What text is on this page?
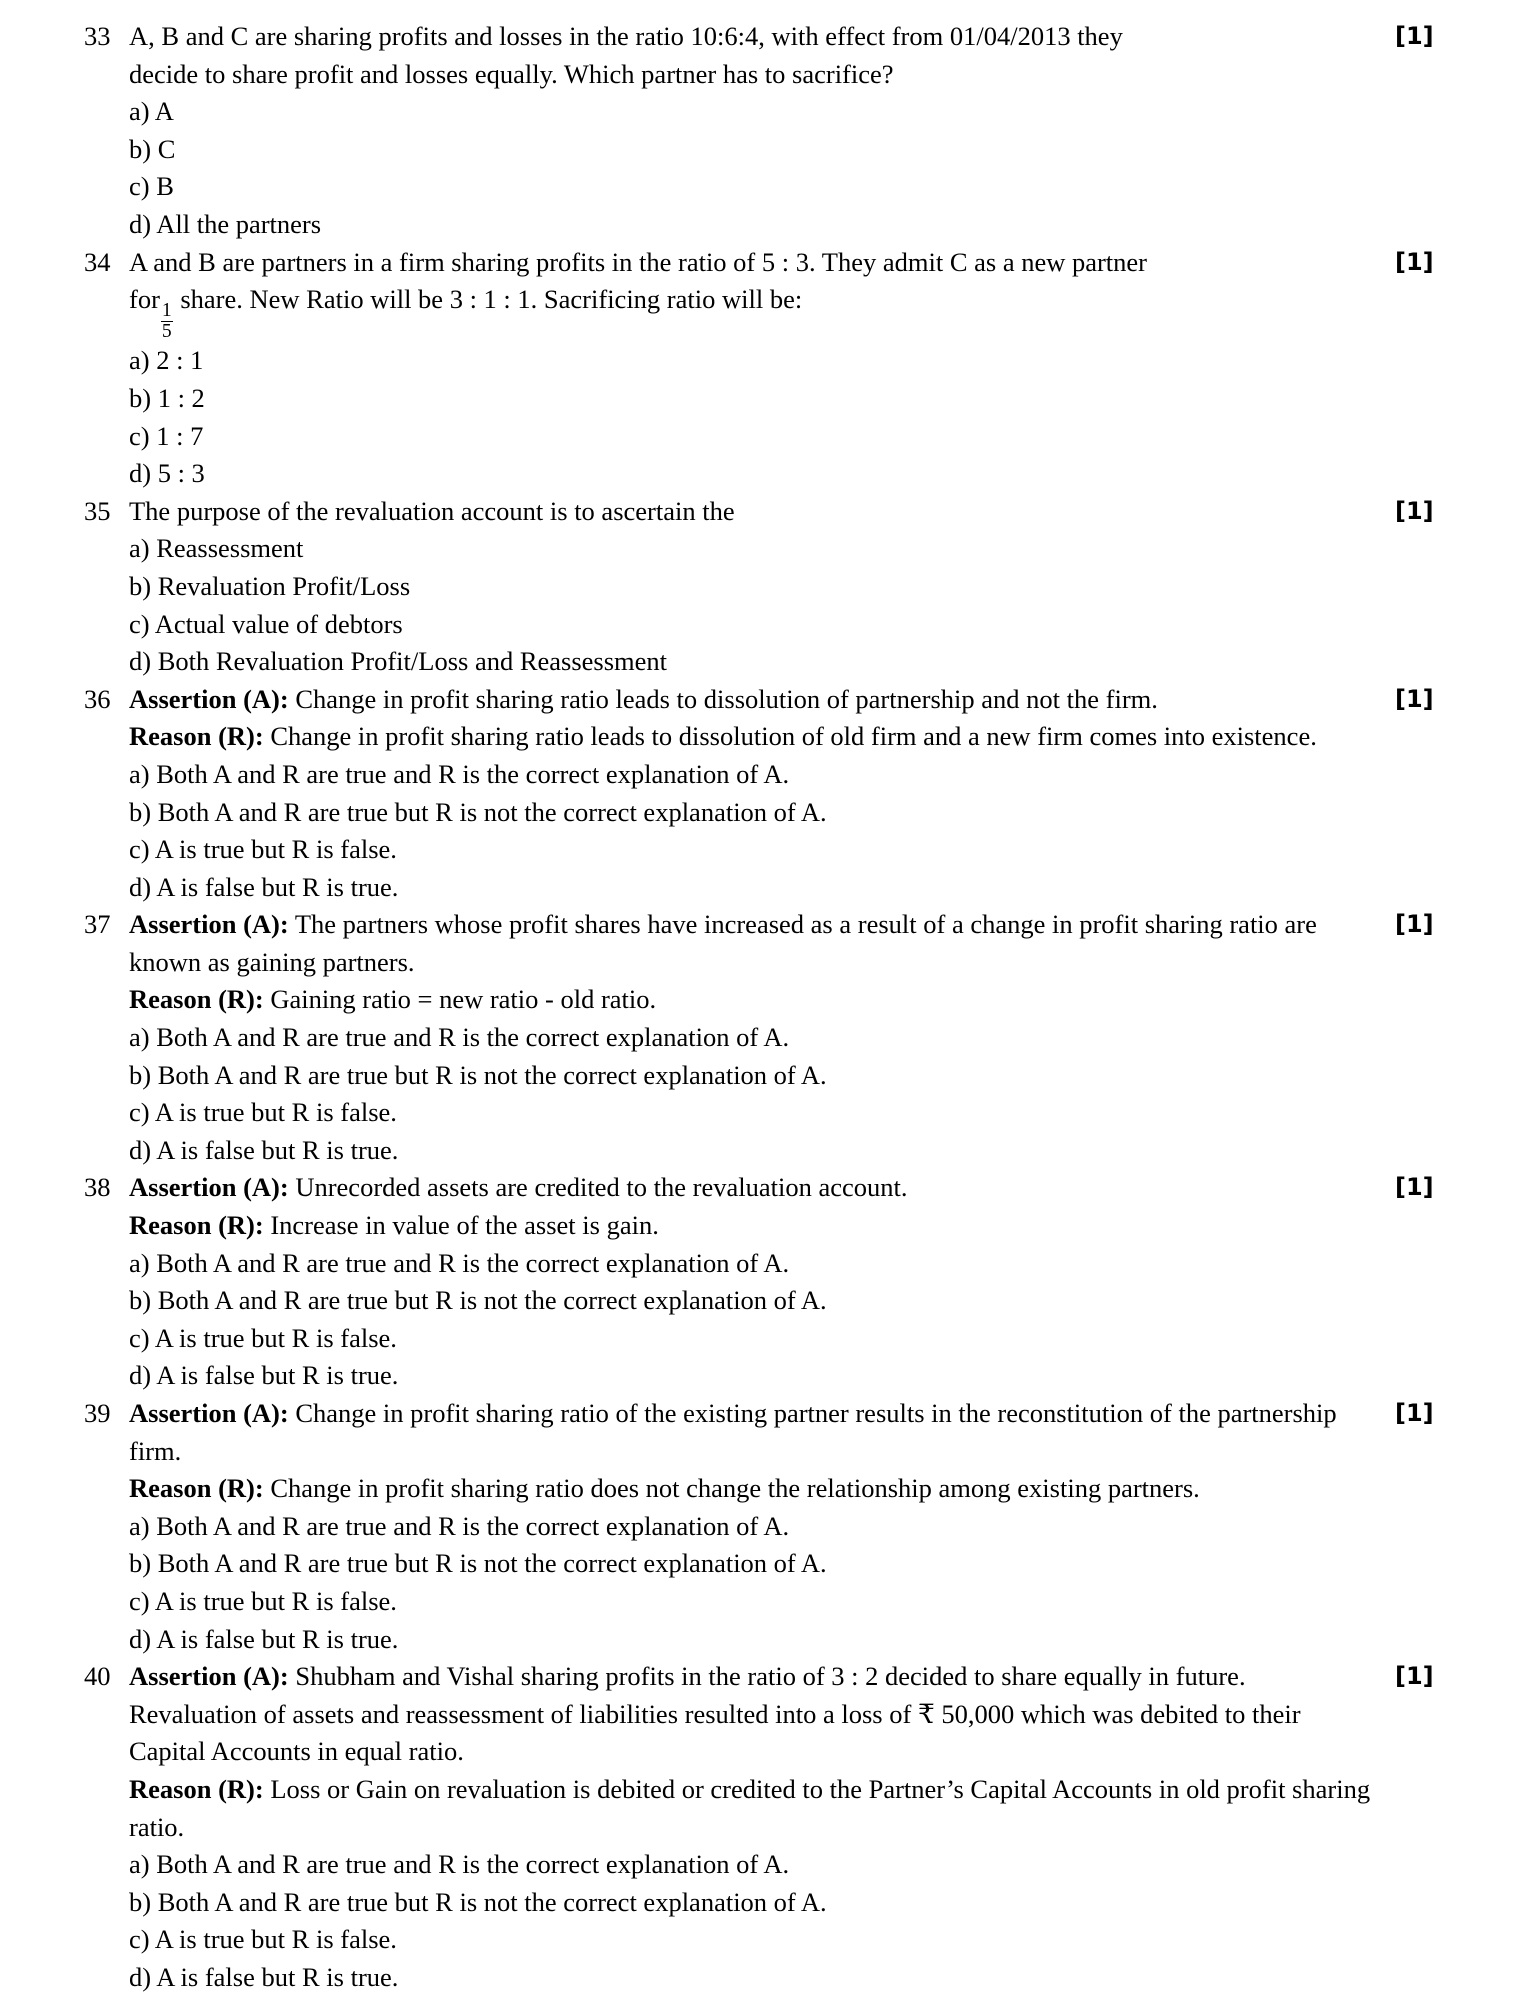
33 A, B and C are sharing profits and losses in the ratio 10:6:4, with effect from 01/04/2013 they
decide to share profit and losses equally. Which partner has to sacrifice?
a) A
b) C
c) B
d) All the partners
[1]
34 A and B are partners in a firm sharing profits in the ratio of 5 : 3. They admit C as a new partner
for
$\frac{1}{5}$
share. New Ratio will be 3 : 1 : 1. Sacrificing ratio will be:
a) 2 : 1
b) 1 : 2
c) 1 : 7
d) 5 : 3
[1]
35 The purpose of the revaluation account is to ascertain the
a) Reassessment
b) Revaluation Profit/Loss
c) Actual value of debtors
d) Both Revaluation Profit/Loss and Reassessment
[1]
36 Assertion (A): Change in profit sharing ratio leads to dissolution of partnership and not the firm.
Reason (R): Change in profit sharing ratio leads to dissolution of old firm and a new firm comes into existence.
a) Both A and R are true and R is the correct explanation of A.
b) Both A and R are true but R is not the correct explanation of A.
c) A is true but R is false.
d) A is false but R is true.
[1]
37 Assertion (A): The partners whose profit shares have increased as a result of a change in profit sharing ratio are known as gaining partners.
Reason (R): Gaining ratio = new ratio - old ratio.
a) Both A and R are true and R is the correct explanation of A.
b) Both A and R are true but R is not the correct explanation of A.
c) A is true but R is false.
d) A is false but R is true.
[1]
38 Assertion (A): Unrecorded assets are credited to the revaluation account.
Reason (R): Increase in value of the asset is gain.
a) Both A and R are true and R is the correct explanation of A.
b) Both A and R are true but R is not the correct explanation of A.
c) A is true but R is false.
d) A is false but R is true.
[1]
39 Assertion (A): Change in profit sharing ratio of the existing partner results in the reconstitution of the partnership firm.
Reason (R): Change in profit sharing ratio does not change the relationship among existing partners.
a) Both A and R are true and R is the correct explanation of A.
b) Both A and R are true but R is not the correct explanation of A.
c) A is true but R is false.
d) A is false but R is true.
[1]
40 Assertion (A): Shubham and Vishal sharing profits in the ratio of 3 : 2 decided to share equally in future. Revaluation of assets and reassessment of liabilities resulted into a loss of ₹ 50,000 which was debited to their Capital Accounts in equal ratio.
Reason (R): Loss or Gain on revaluation is debited or credited to the Partner’s Capital Accounts in old profit sharing ratio.
a) Both A and R are true and R is the correct explanation of A.
b) Both A and R are true but R is not the correct explanation of A.
c) A is true but R is false.
d) A is false but R is true.
[1]
